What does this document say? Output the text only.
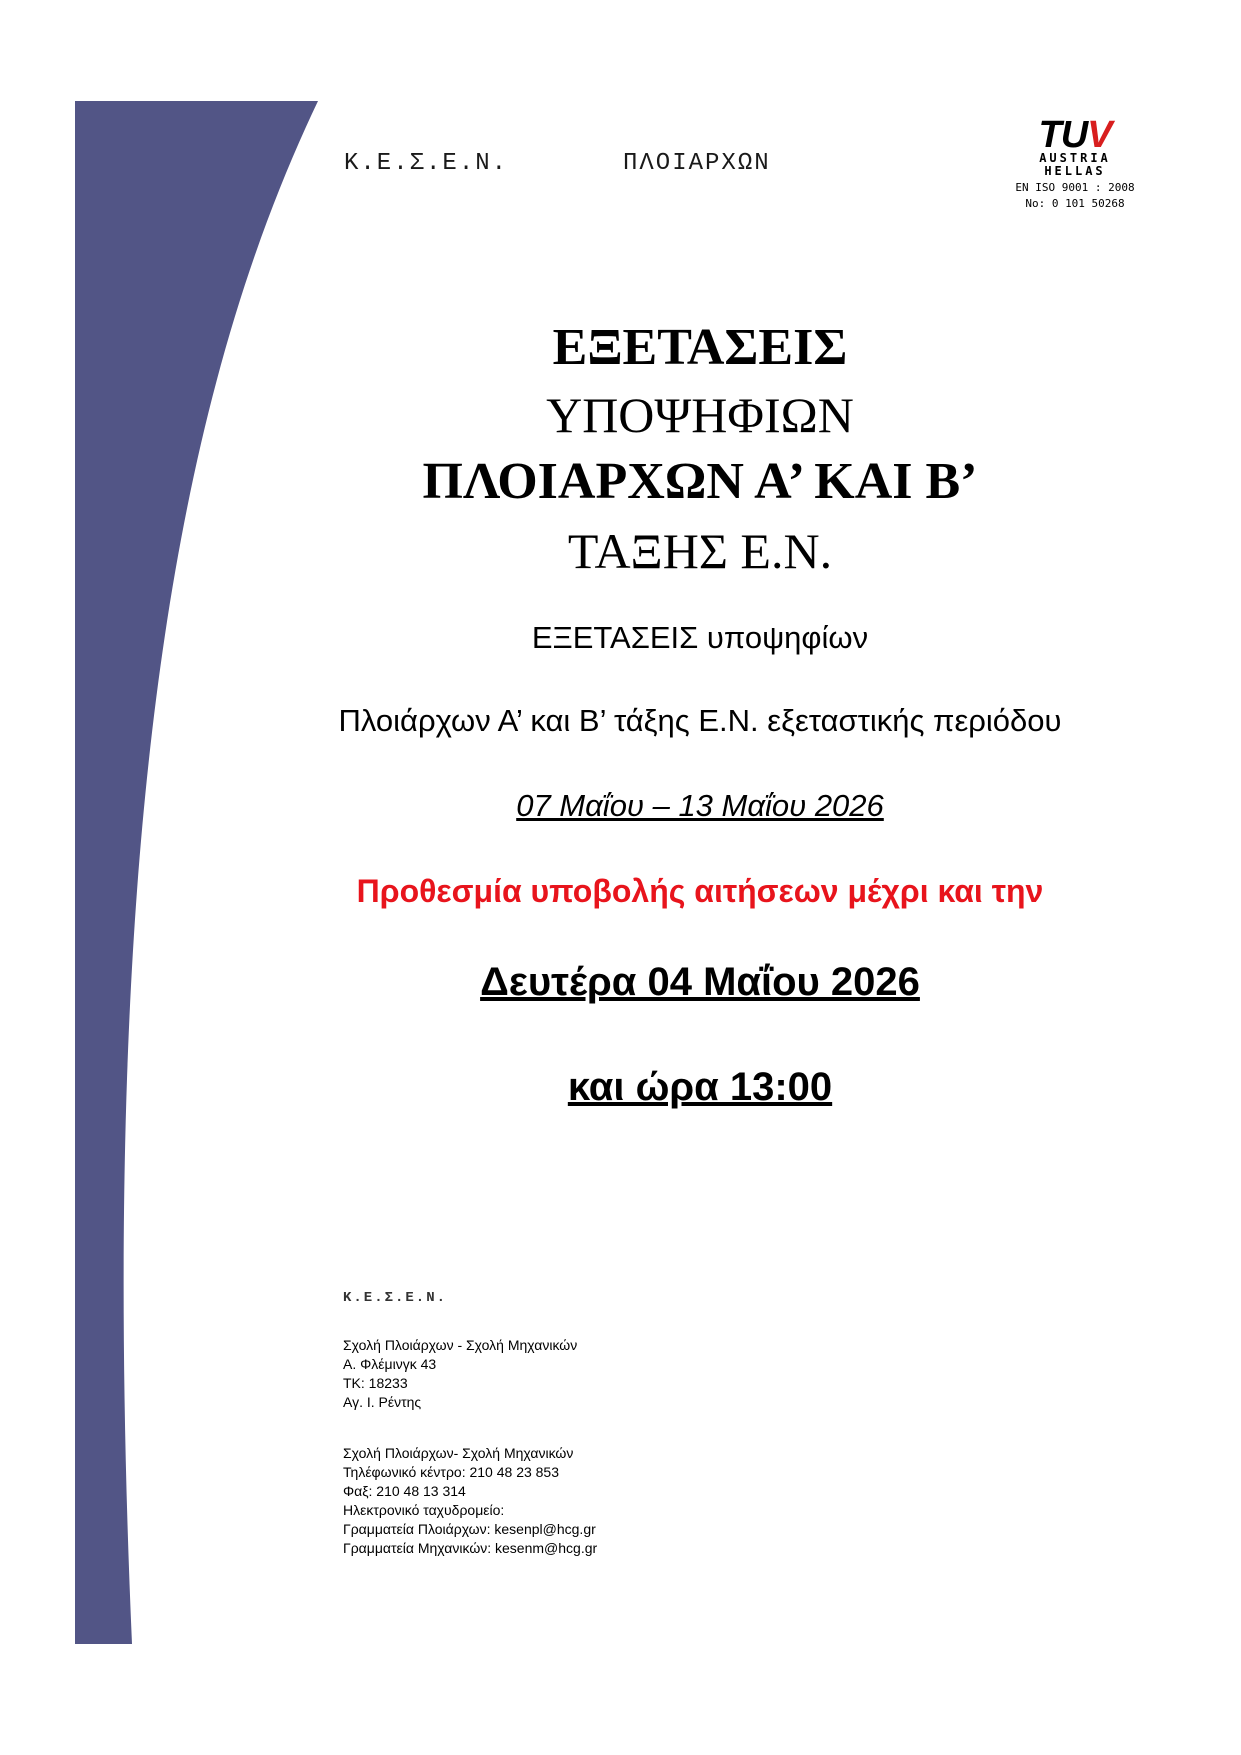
Κ.Ε.Σ.Ε.Ν.	ΠΛΟΙΑΡΧΩΝ
TUV
AUSTRIA
HELLAS
EN ISO 9001 : 2008
No: 0 101 50268
ΕΞΕΤΑΣΕΙΣ
ΥΠΟΨΗΦΙΩΝ
ΠΛΟΙΑΡΧΩΝ Α’ ΚΑΙ Β’
ΤΑΞΗΣ Ε.Ν.
ΕΞΕΤΑΣΕΙΣ υποψηφίων
Πλοιάρχων Α’ και Β’ τάξης Ε.Ν. εξεταστικής περιόδου
07 Μαΐου – 13 Μαΐου 2026
Προθεσμία υποβολής αιτήσεων μέχρι και την
Δευτέρα 04 Μαΐου 2026
και ώρα 13:00
Κ.Ε.Σ.Ε.Ν.
Σχολή Πλοιάρχων - Σχολή Μηχανικών
Α. Φλέμινγκ 43
ΤΚ: 18233
Αγ. Ι. Ρέντης
Σχολή Πλοιάρχων- Σχολή Μηχανικών
Τηλέφωνικό κέντρο: 210 48 23 853
Φαξ: 210 48 13 314
Ηλεκτρονικό ταχυδρομείο:
Γραμματεία Πλοιάρχων: kesenpl@hcg.gr
Γραμματεία Μηχανικών: kesenm@hcg.gr
